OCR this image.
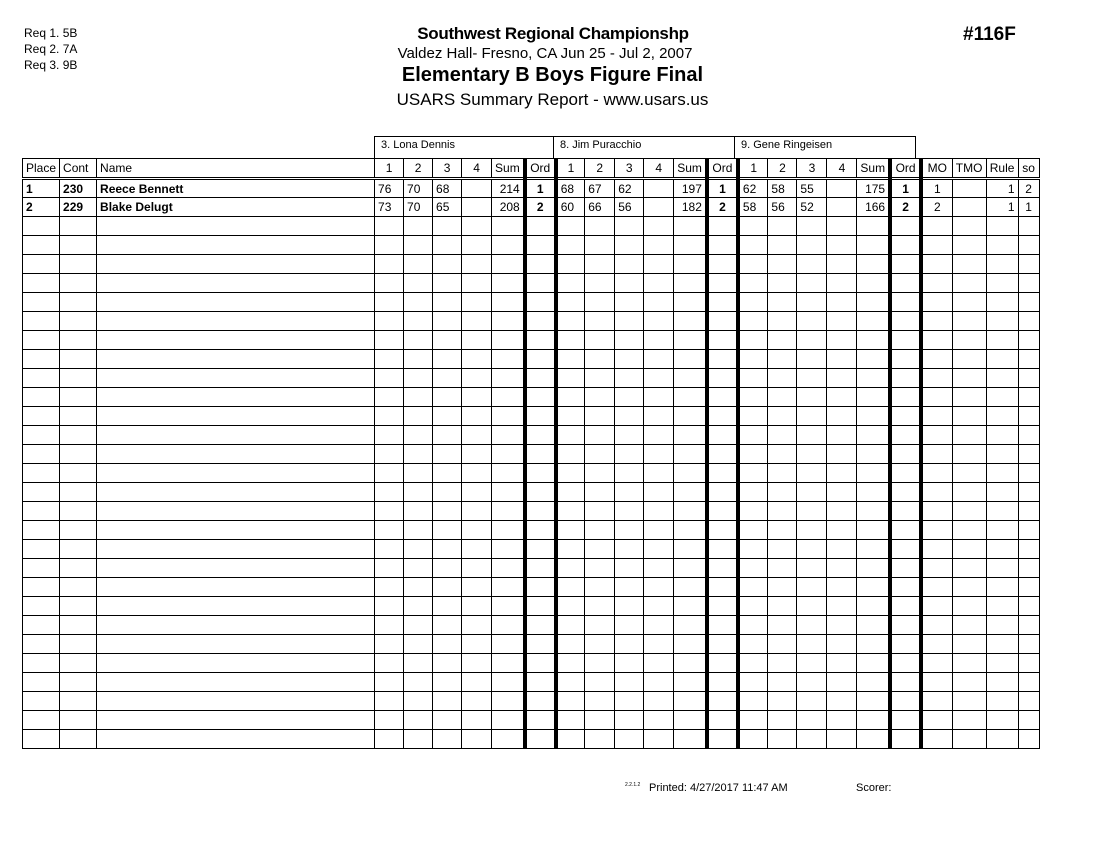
Req 1. 5B
Req 2. 7A
Req 3. 9B
Southwest Regional Championshp
Valdez Hall- Fresno, CA Jun 25 - Jul 2, 2007
Elementary B Boys Figure Final
USARS Summary Report - www.usars.us
#116F
3. Lona Dennis	8. Jim Puracchio	9. Gene Ringeisen
Place	Cont	Name	1	2	3	4	Sum	Ord	1	2	3	4	Sum	Ord	1	2	3	4	Sum	Ord	MO	TMO	Rule	so
1	230	Reece Bennett	76	70	68		214	1	68	67	62		197	1	62	58	55		175	1	1		1	2
2	229	Blake Delugt	73	70	65		208	2	60	66	56		182	2	58	56	52		166	2	2		1	1

2.2.1.2 Printed: 4/27/2017 11:47 AM	Scorer:
